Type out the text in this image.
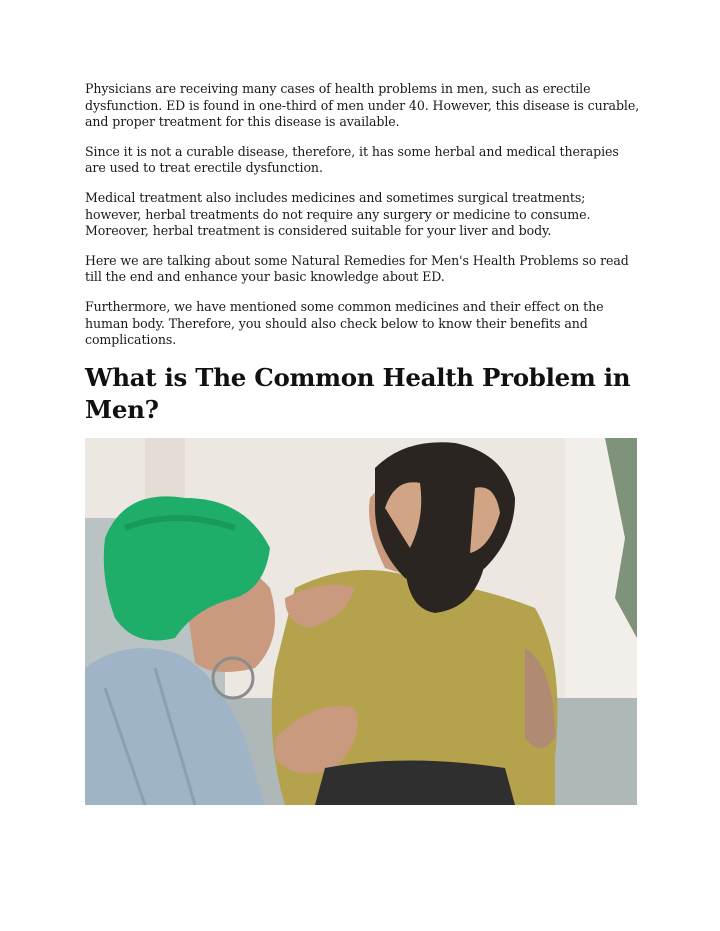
Physicians are receiving many cases of health problems in men, such as erectile dysfunction. ED is found in one-third of men under 40. However, this disease is curable, and proper treatment for this disease is available.

Since it is not a curable disease, therefore, it has some herbal and medical therapies are used to treat erectile dysfunction.

Medical treatment also includes medicines and sometimes surgical treatments; however, herbal treatments do not require any surgery or medicine to consume. Moreover, herbal treatment is considered suitable for your liver and body.

Here we are talking about some Natural Remedies for Men's Health Problems so read till the end and enhance your basic knowledge about ED.

Furthermore, we have mentioned some common medicines and their effect on the human body. Therefore, you should also check below to know their benefits and complications.

What is The Common Health Problem in Men?
